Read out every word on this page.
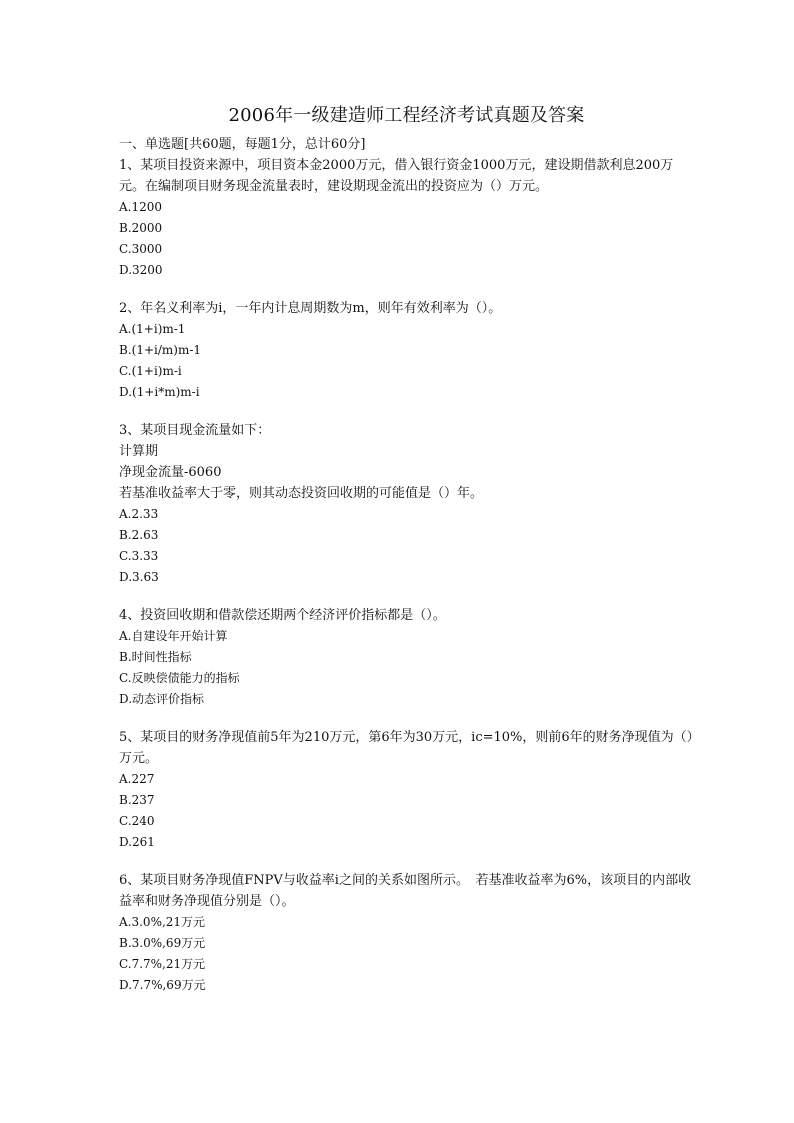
2006年一级建造师工程经济考试真题及答案
一、单选题[共60题，每题1分，总计60分]

1、某项目投资来源中，项目资本金2000万元，借入银行资金1000万元，建设期借款利息200万元。在编制项目财务现金流量表时，建设期现金流出的投资应为（）万元。

A.1200

B.2000

C.3000

D.3200

2、年名义利率为i，一年内计息周期数为m，则年有效利率为（）。

A.(1+i)m-1

B.(1+i/m)m-1

C.(1+i)m-i

D.(1+i*m)m-i

3、某项目现金流量如下：

计算期

净现金流量-6060

若基准收益率大于零，则其动态投资回收期的可能值是（）年。

A.2.33

B.2.63

C.3.33

D.3.63

4、投资回收期和借款偿还期两个经济评价指标都是（）。

A.自建设年开始计算

B.时间性指标

C.反映偿债能力的指标

D.动态评价指标

5、某项目的财务净现值前5年为210万元，第6年为30万元，ic=10%，则前6年的财务净现值为（）万元。

A.227

B.237

C.240

D.261

6、某项目财务净现值FNPV与收益率i之间的关系如图所示。　若基准收益率为6%，该项目的内部收益率和财务净现值分别是（）。

A.3.0%,21万元

B.3.0%,69万元

C.7.7%,21万元

D.7.7%,69万元
